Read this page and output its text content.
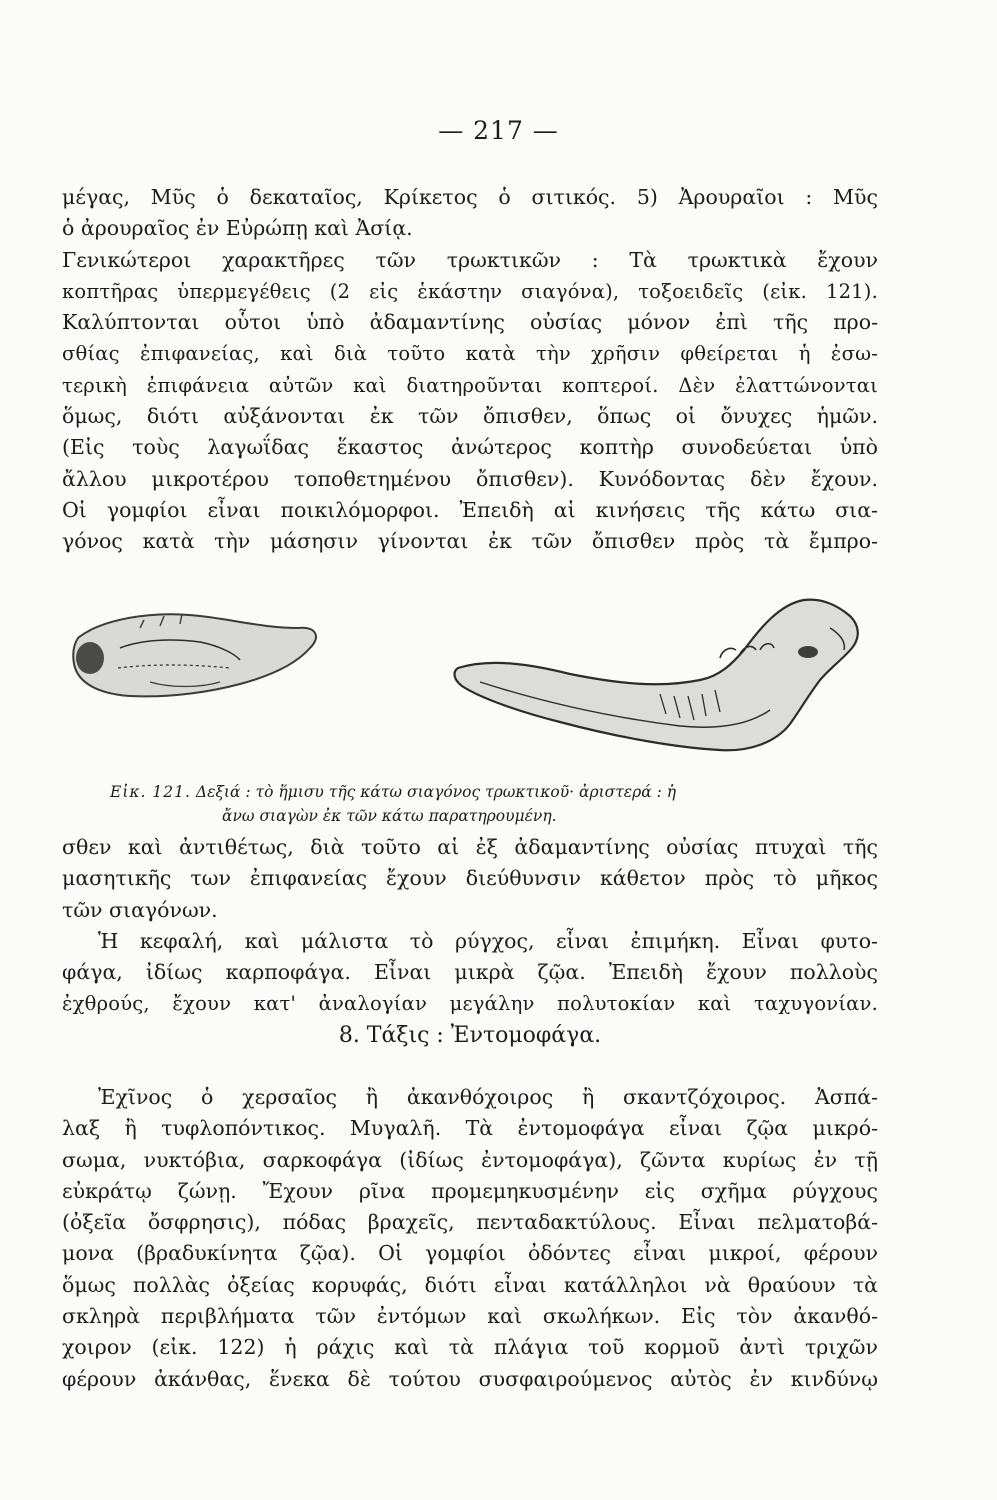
— 217 —
μέγας, Μῦς ὁ δεκαταῖος, Κρίκετος ὁ σιτικός. 5) Ἀρουραῖοι : Μῦς
ὁ ἀρουραῖος ἐν Εὐρώπῃ καὶ Ἀσίᾳ.
Γενικώτεροι χαρακτῆρες τῶν τρωκτικῶν : Τὰ τρωκτικὰ ἔχουν
κοπτῆρας ὑπερμεγέθεις (2 εἰς ἑκάστην σιαγόνα), τοξοειδεῖς (εἰκ. 121).
Καλύπτονται οὗτοι ὑπὸ ἀδαμαντίνης οὐσίας μόνον ἐπὶ τῆς προ-
σθίας ἐπιφανείας, καὶ διὰ τοῦτο κατὰ τὴν χρῆσιν φθείρεται ἡ ἐσω-
τερικὴ ἐπιφάνεια αὐτῶν καὶ διατηροῦνται κοπτεροί. Δὲν ἐλαττώνονται
ὅμως, διότι αὐξάνονται ἐκ τῶν ὄπισθεν, ὅπως οἱ ὄνυχες ἡμῶν.
(Εἰς τοὺς λαγωΐδας ἕκαστος ἀνώτερος κοπτὴρ συνοδεύεται ὑπὸ
ἄλλου μικροτέρου τοποθετημένου ὄπισθεν). Κυνόδοντας δὲν ἔχουν.
Οἱ γομφίοι εἶναι ποικιλόμορφοι. Ἐπειδὴ αἱ κινήσεις τῆς κάτω σια-
γόνος κατὰ τὴν μάσησιν γίνονται ἐκ τῶν ὄπισθεν πρὸς τὰ ἔμπρο-
Εἰκ. 121. Δεξιά : τὸ ἥμισυ τῆς κάτω σιαγόνος τρωκτικοῦ· ἀριστερά : ἡ
ἄνω σιαγὼν ἐκ τῶν κάτω παρατηρουμένη.
σθεν καὶ ἀντιθέτως, διὰ τοῦτο αἱ ἐξ ἀδαμαντίνης οὐσίας πτυχαὶ τῆς
μασητικῆς των ἐπιφανείας ἔχουν διεύθυνσιν κάθετον πρὸς τὸ μῆκος
τῶν σιαγόνων.
Ἡ κεφαλή, καὶ μάλιστα τὸ ρύγχος, εἶναι ἐπιμήκη. Εἶναι φυτο-
φάγα, ἰδίως καρποφάγα. Εἶναι μικρὰ ζῷα. Ἐπειδὴ ἔχουν πολλοὺς
ἐχθρούς, ἔχουν κατ' ἀναλογίαν μεγάλην πολυτοκίαν καὶ ταχυγονίαν.
8. Τάξις : Ἐντομοφάγα.
Ἐχῖνος ὁ χερσαῖος ἢ ἀκανθόχοιρος ἢ σκαντζόχοιρος. Ἀσπά-
λαξ ἢ τυφλοπόντικος. Μυγαλῆ. Τὰ ἐντομοφάγα εἶναι ζῷα μικρό-
σωμα, νυκτόβια, σαρκοφάγα (ἰδίως ἐντομοφάγα), ζῶντα κυρίως ἐν τῇ
εὐκράτῳ ζώνῃ. Ἔχουν ρῖνα προμεμηκυσμένην εἰς σχῆμα ρύγχους
(ὀξεῖα ὄσφρησις), πόδας βραχεῖς, πενταδακτύλους. Εἶναι πελματοβά-
μονα (βραδυκίνητα ζῷα). Οἱ γομφίοι ὀδόντες εἶναι μικροί, φέρουν
ὅμως πολλὰς ὀξείας κορυφάς, διότι εἶναι κατάλληλοι νὰ θραύουν τὰ
σκληρὰ περιβλήματα τῶν ἐντόμων καὶ σκωλήκων. Εἰς τὸν ἀκανθό-
χοιρον (εἰκ. 122) ἡ ράχις καὶ τὰ πλάγια τοῦ κορμοῦ ἀντὶ τριχῶν
φέρουν ἀκάνθας, ἕνεκα δὲ τούτου συσφαιρούμενος αὐτὸς ἐν κινδύνῳ
